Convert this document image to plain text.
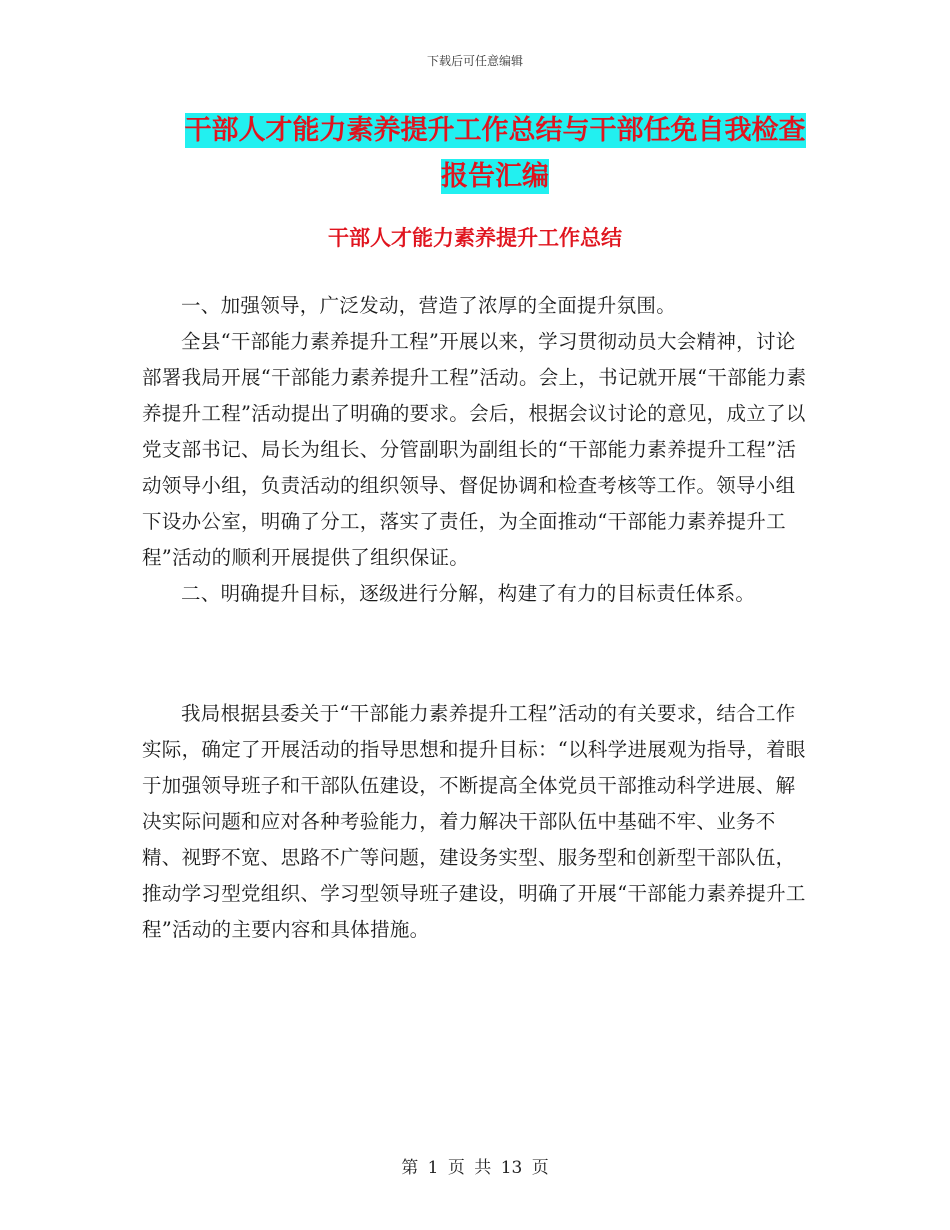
下载后可任意编辑
干部人才能力素养提升工作总结与干部任免自我检查
报告汇编
干部人才能力素养提升工作总结

一、加强领导，广泛发动，营造了浓厚的全面提升氛围。

全县“干部能力素养提升工程”开展以来，学习贯彻动员大会精神，讨论部署我局开展“干部能力素养提升工程”活动。会上，书记就开展“干部能力素养提升工程”活动提出了明确的要求。会后，根据会议讨论的意见，成立了以党支部书记、局长为组长、分管副职为副组长的“干部能力素养提升工程”活动领导小组，负责活动的组织领导、督促协调和检查考核等工作。领导小组下设办公室，明确了分工，落实了责任，为全面推动“干部能力素养提升工程”活动的顺利开展提供了组织保证。

二、明确提升目标，逐级进行分解，构建了有力的目标责任体系。

我局根据县委关于“干部能力素养提升工程”活动的有关要求，结合工作实际，确定了开展活动的指导思想和提升目标：“以科学进展观为指导，着眼于加强领导班子和干部队伍建设，不断提高全体党员干部推动科学进展、解决实际问题和应对各种考验能力，着力解决干部队伍中基础不牢、业务不精、视野不宽、思路不广等问题，建设务实型、服务型和创新型干部队伍，推动学习型党组织、学习型领导班子建设，明确了开展“干部能力素养提升工程”活动的主要内容和具体措施。

第 1 页 共 13 页
